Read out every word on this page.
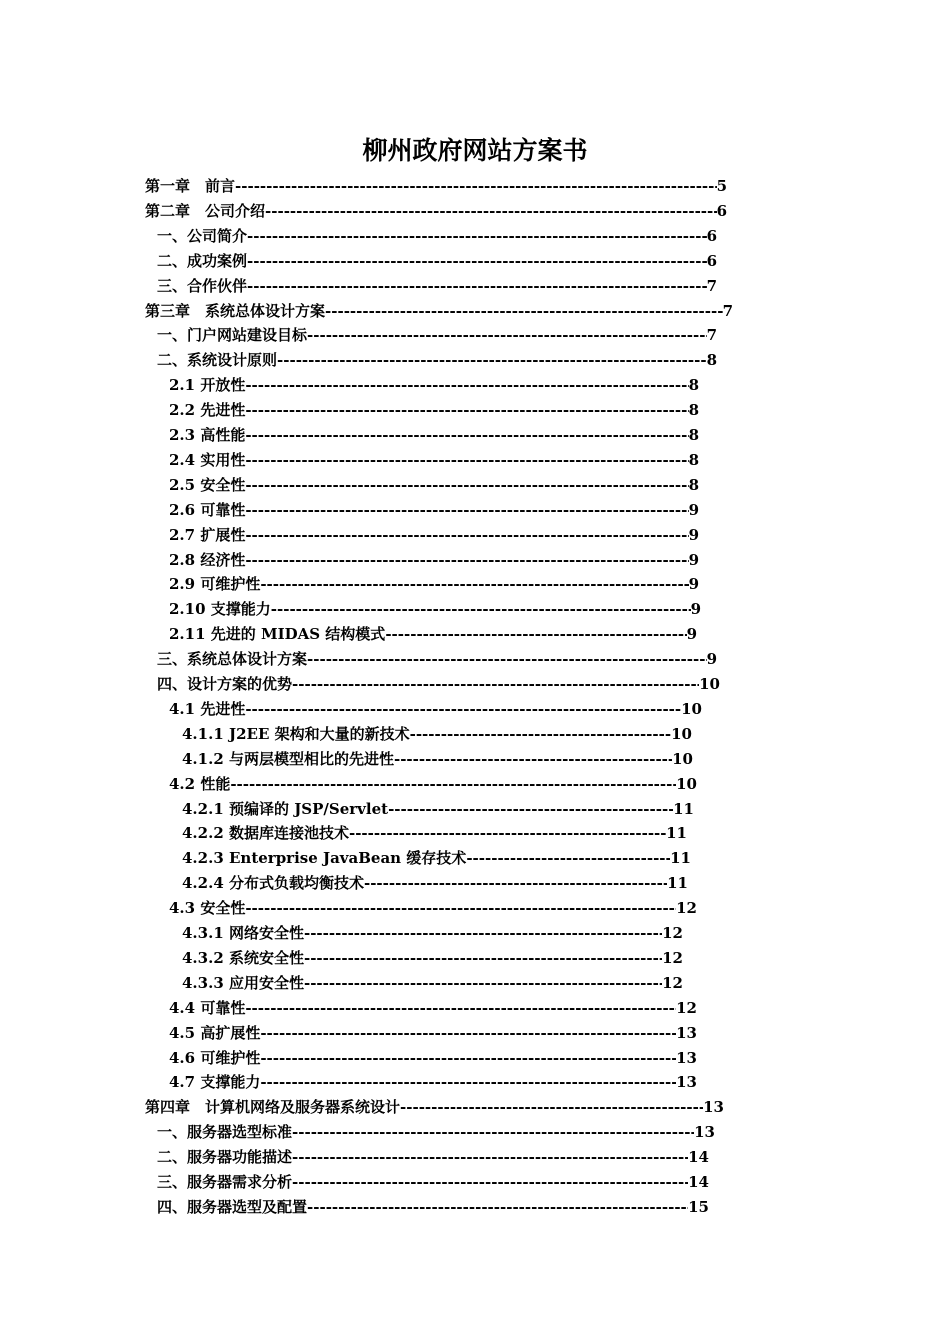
柳州政府网站方案书
第一章　前言 -----	5
第二章　公司介绍 -----	6
一、公司简介 -----	6
二、成功案例 -----	6
三、合作伙伴 -----	7
第三章　系统总体设计方案 -----	7
一、门户网站建设目标 -----	7
二、系统设计原则 -----	8
2.1 开放性 -----	8
2.2 先进性 -----	8
2.3 高性能 -----	8
2.4 实用性 -----	8
2.5 安全性 -----	8
2.6 可靠性 -----	9
2.7 扩展性 -----	9
2.8 经济性 -----	9
2.9 可维护性 -----	9
2.10 支撑能力 -----	9
2.11 先进的 MIDAS 结构模式 -----	9
三、系统总体设计方案 -----	9
四、设计方案的优势 -----	10
4.1 先进性 -----	10
4.1.1 J2EE 架构和大量的新技术 -----	10
4.1.2 与两层模型相比的先进性 -----	10
4.2 性能 -----	10
4.2.1 预编译的 JSP/Servlet -----	11
4.2.2 数据库连接池技术 -----	11
4.2.3 Enterprise JavaBean 缓存技术 -----	11
4.2.4 分布式负载均衡技术 -----	11
4.3 安全性 -----	12
4.3.1 网络安全性 -----	12
4.3.2 系统安全性 -----	12
4.3.3 应用安全性 -----	12
4.4 可靠性 -----	12
4.5 高扩展性 -----	13
4.6 可维护性 -----	13
4.7 支撑能力 -----	13
第四章　计算机网络及服务器系统设计 -----	13
一、服务器选型标准 -----	13
二、服务器功能描述 -----	14
三、服务器需求分析 -----	14
四、服务器选型及配置 -----	15
